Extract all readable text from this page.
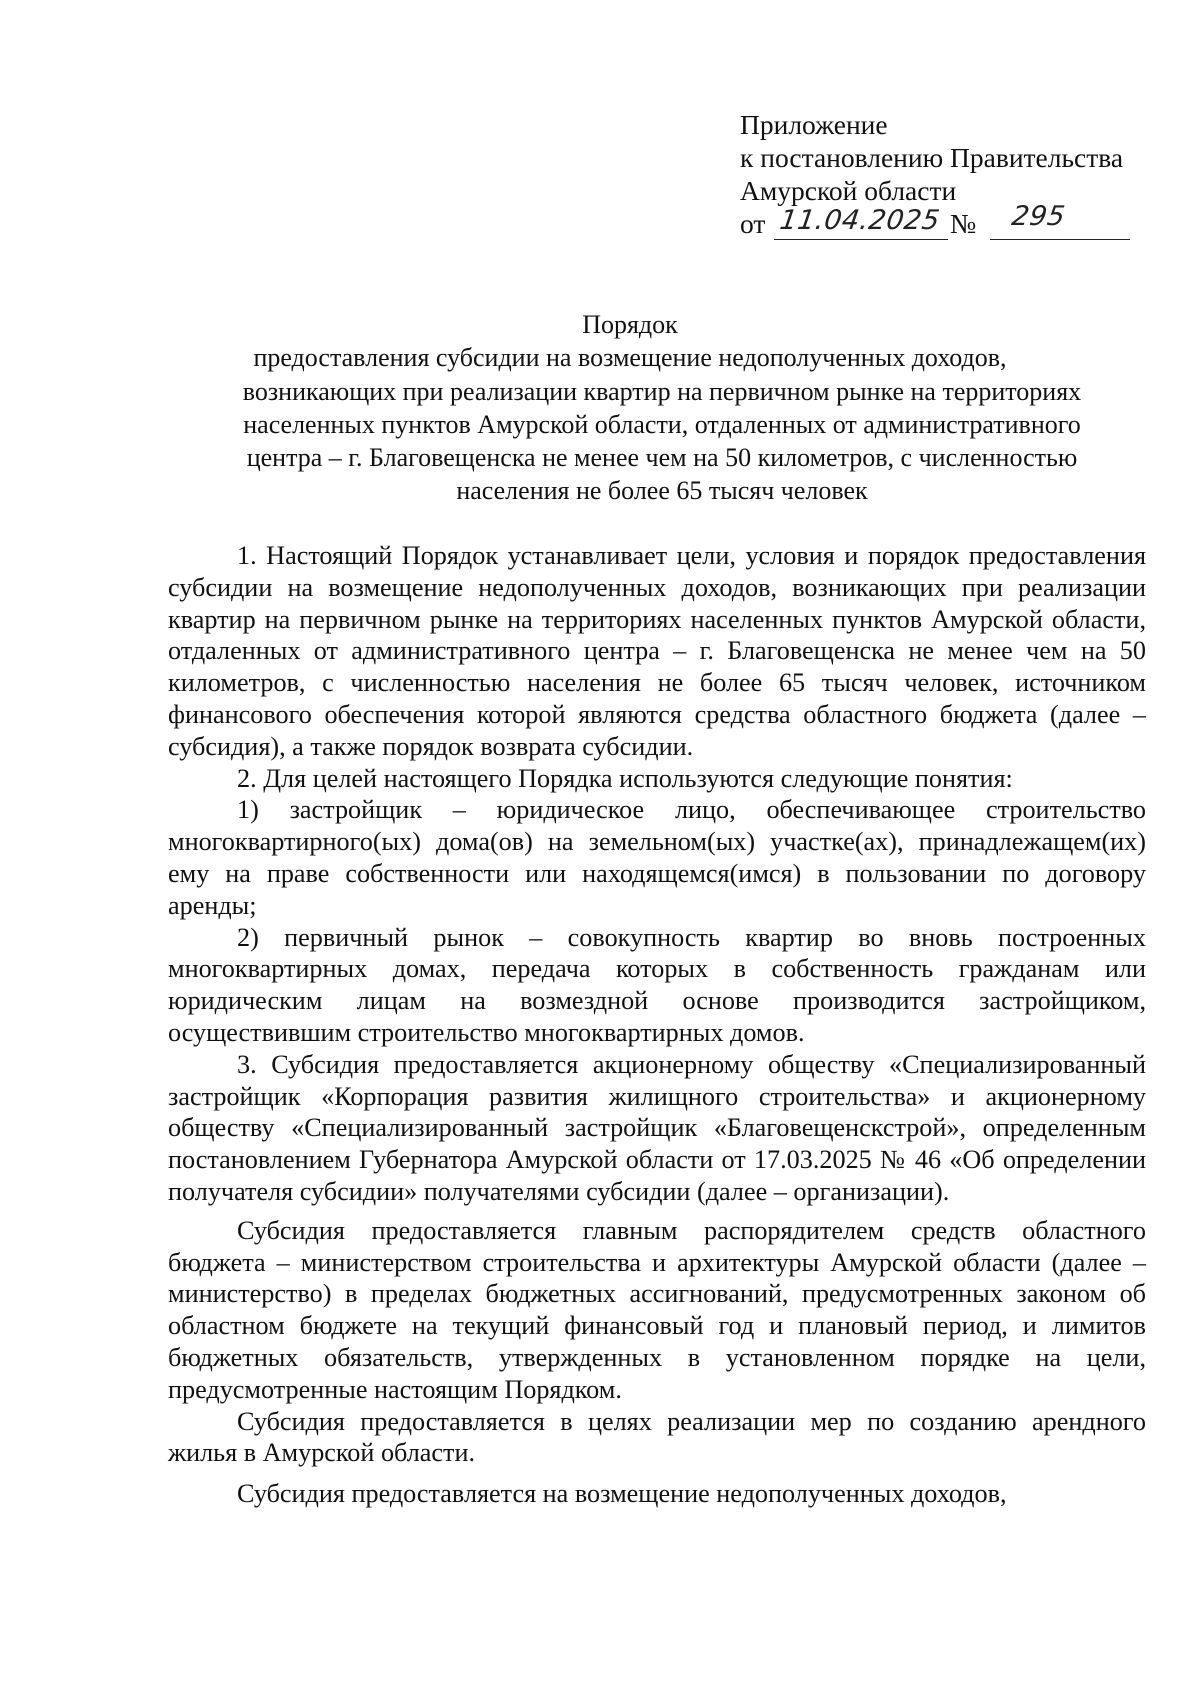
Приложение
к постановлению Правительства
Амурской области
от 11.04.2025 № 295
Порядок
предоставления субсидии на возмещение недополученных доходов,
возникающих при реализации квартир на первичном рынке на территориях
населенных пунктов Амурской области, отдаленных от административного
центра – г. Благовещенска не менее чем на 50 километров, с численностью
населения не более 65 тысяч человек

1. Настоящий Порядок устанавливает цели, условия и порядок предоставления субсидии на возмещение недополученных доходов, возникающих при реализации квартир на первичном рынке на территориях населенных пунктов Амурской области, отдаленных от административного центра – г. Благовещенска не менее чем на 50 километров, с численностью населения не более 65 тысяч человек, источником финансового обеспечения которой являются средства областного бюджета (далее – субсидия), а также порядок возврата субсидии.

2. Для целей настоящего Порядка используются следующие понятия:

1) застройщик – юридическое лицо, обеспечивающее строительство многоквартирного(ых) дома(ов) на земельном(ых) участке(ах), принадлежащем(их) ему на праве собственности или находящемся(имся) в пользовании по договору аренды;

2) первичный рынок – совокупность квартир во вновь построенных многоквартирных домах, передача которых в собственность гражданам или юридическим лицам на возмездной основе производится застройщиком, осуществившим строительство многоквартирных домов.

3. Субсидия предоставляется акционерному обществу «Специализированный застройщик «Корпорация развития жилищного строительства» и акционерному обществу «Специализированный застройщик «Благовещенскстрой», определенным постановлением Губернатора Амурской области от 17.03.2025 № 46 «Об определении получателя субсидии» получателями субсидии (далее – организации).

Субсидия предоставляется главным распорядителем средств областного бюджета – министерством строительства и архитектуры Амурской области (далее – министерство) в пределах бюджетных ассигнований, предусмотренных законом об областном бюджете на текущий финансовый год и плановый период, и лимитов бюджетных обязательств, утвержденных в установленном порядке на цели, предусмотренные настоящим Порядком.

Субсидия предоставляется в целях реализации мер по созданию арендного жилья в Амурской области.

Субсидия предоставляется на возмещение недополученных доходов,
